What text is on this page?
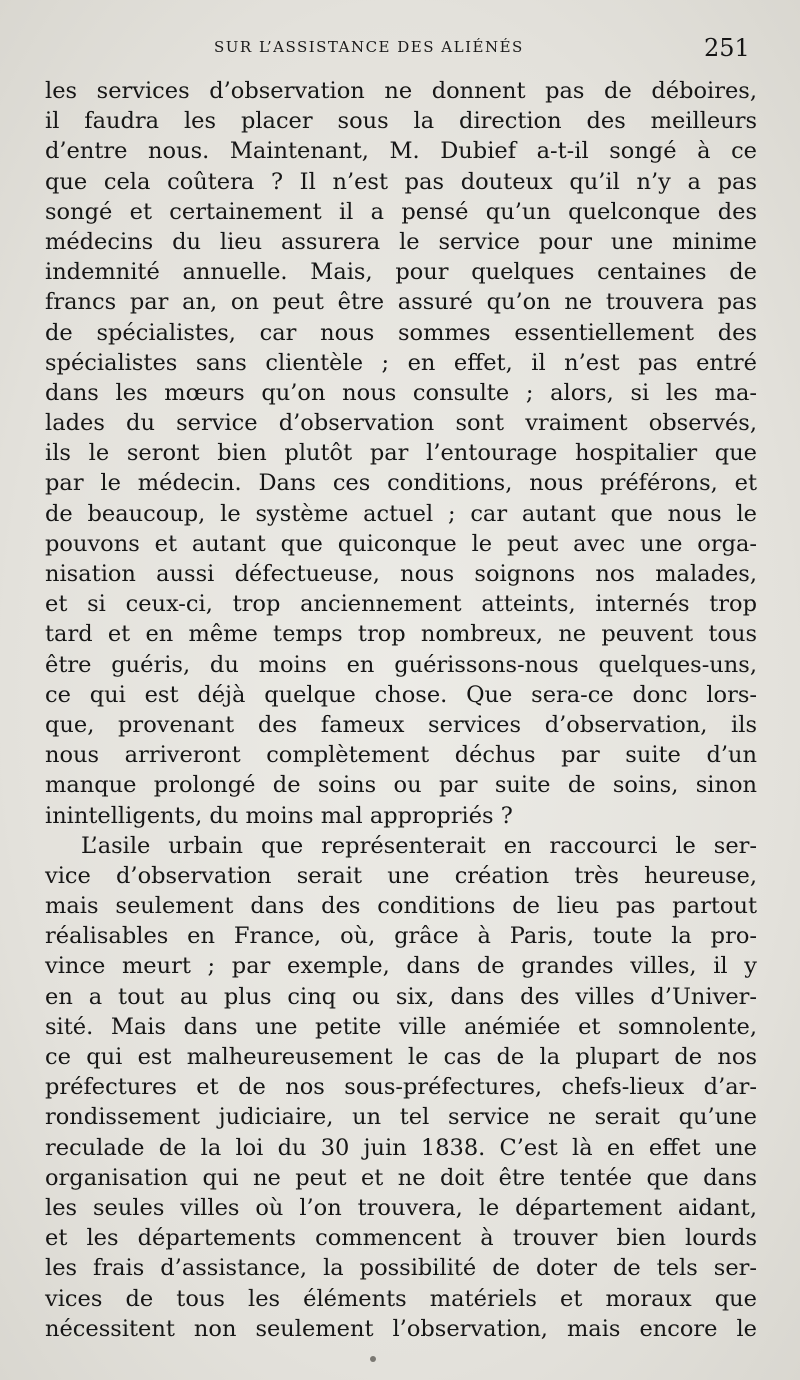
SUR L’ASSISTANCE DES ALIÉNÉS	251
les services d’observation ne donnent pas de déboires,
il faudra les placer sous la direction des meilleurs
d’entre nous. Maintenant, M. Dubief a-t-il songé à ce
que cela coûtera ? Il n’est pas douteux qu’il n’y a pas
songé et certainement il a pensé qu’un quelconque des
médecins du lieu assurera le service pour une minime
indemnité annuelle. Mais, pour quelques centaines de
francs par an, on peut être assuré qu’on ne trouvera pas
de spécialistes, car nous sommes essentiellement des
spécialistes sans clientèle ; en effet, il n’est pas entré
dans les mœurs qu’on nous consulte ; alors, si les ma-
lades du service d’observation sont vraiment observés,
ils le seront bien plutôt par l’entourage hospitalier que
par le médecin. Dans ces conditions, nous préférons, et
de beaucoup, le système actuel ; car autant que nous le
pouvons et autant que quiconque le peut avec une orga-
nisation aussi défectueuse, nous soignons nos malades,
et si ceux-ci, trop anciennement atteints, internés trop
tard et en même temps trop nombreux, ne peuvent tous
être guéris, du moins en guérissons-nous quelques-uns,
ce qui est déjà quelque chose. Que sera-ce donc lors-
que, provenant des fameux services d’observation, ils
nous arriveront complètement déchus par suite d’un
manque prolongé de soins ou par suite de soins, sinon
inintelligents, du moins mal appropriés ?
L’asile urbain que représenterait en raccourci le ser-
vice d’observation serait une création très heureuse,
mais seulement dans des conditions de lieu pas partout
réalisables en France, où, grâce à Paris, toute la pro-
vince meurt ; par exemple, dans de grandes villes, il y
en a tout au plus cinq ou six, dans des villes d’Univer-
sité. Mais dans une petite ville anémiée et somnolente,
ce qui est malheureusement le cas de la plupart de nos
préfectures et de nos sous-préfectures, chefs-lieux d’ar-
rondissement judiciaire, un tel service ne serait qu’une
reculade de la loi du 30 juin 1838. C’est là en effet une
organisation qui ne peut et ne doit être tentée que dans
les seules villes où l’on trouvera, le département aidant,
et les départements commencent à trouver bien lourds
les frais d’assistance, la possibilité de doter de tels ser-
vices de tous les éléments matériels et moraux que
nécessitent non seulement l’observation, mais encore le
